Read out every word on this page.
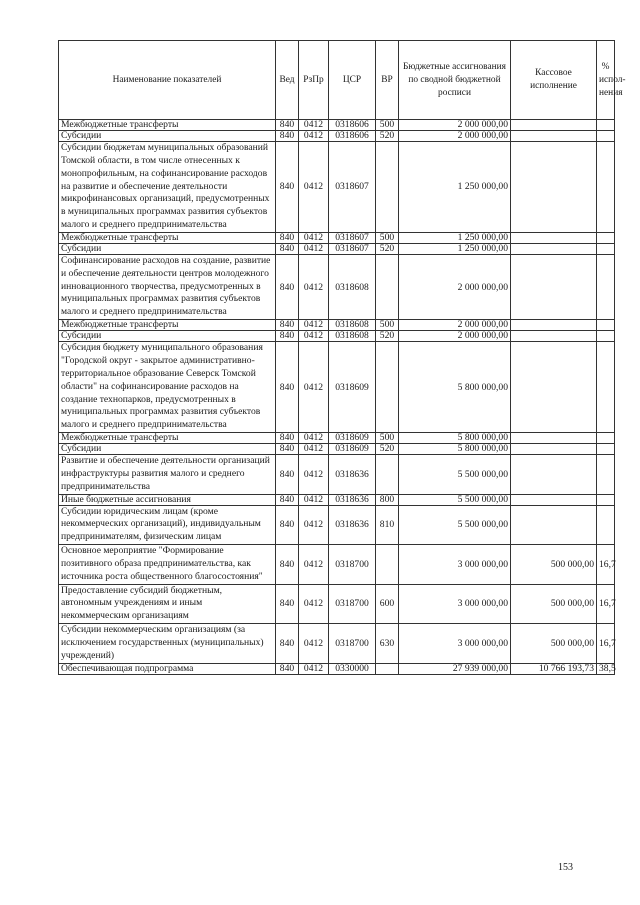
Наименование показателей	Вед	РзПр	ЦСР	ВР	Бюджетные ассигнования по сводной бюджетной росписи	Кассовое исполнение	% испол-нения
Межбюджетные трансферты	840	0412	0318606	500	2 000 000,00		
Субсидии	840	0412	0318606	520	2 000 000,00		
Субсидии бюджетам муниципальных образований Томской области, в том числе отнесенных к монопрофильным, на софинансирование расходов на развитие и обеспечение деятельности микрофинансовых организаций, предусмотренных в муниципальных программах развития субъектов малого и среднего предпринимательства	840	0412	0318607		1 250 000,00		
Межбюджетные трансферты	840	0412	0318607	500	1 250 000,00		
Субсидии	840	0412	0318607	520	1 250 000,00		
Софинансирование расходов на создание, развитие и обеспечение деятельности центров молодежного инновационного творчества, предусмотренных в муниципальных программах развития субъектов малого и среднего предпринимательства	840	0412	0318608		2 000 000,00		
Межбюджетные трансферты	840	0412	0318608	500	2 000 000,00		
Субсидии	840	0412	0318608	520	2 000 000,00		
Субсидия бюджету муниципального образования "Городской округ - закрытое административно-территориальное образование Северск Томской области" на софинансирование расходов на создание технопарков, предусмотренных в муниципальных программах развития субъектов малого и среднего предпринимательства	840	0412	0318609		5 800 000,00		
Межбюджетные трансферты	840	0412	0318609	500	5 800 000,00		
Субсидии	840	0412	0318609	520	5 800 000,00		
Развитие и обеспечение деятельности организаций инфраструктуры развития малого и среднего предпринимательства	840	0412	0318636		5 500 000,00		
Иные бюджетные ассигнования	840	0412	0318636	800	5 500 000,00		
Субсидии юридическим лицам (кроме некоммерческих организаций), индивидуальным предпринимателям, физическим лицам	840	0412	0318636	810	5 500 000,00		
Основное мероприятие "Формирование позитивного образа предпринимательства, как источника роста общественного благосостояния"	840	0412	0318700		3 000 000,00	500 000,00	16,7
Предоставление субсидий бюджетным, автономным учреждениям и иным некоммерческим организациям	840	0412	0318700	600	3 000 000,00	500 000,00	16,7
Субсидии некоммерческим организациям (за исключением государственных (муниципальных) учреждений)	840	0412	0318700	630	3 000 000,00	500 000,00	16,7
Обеспечивающая подпрограмма	840	0412	0330000		27 939 000,00	10 766 193,73	38,5
153
